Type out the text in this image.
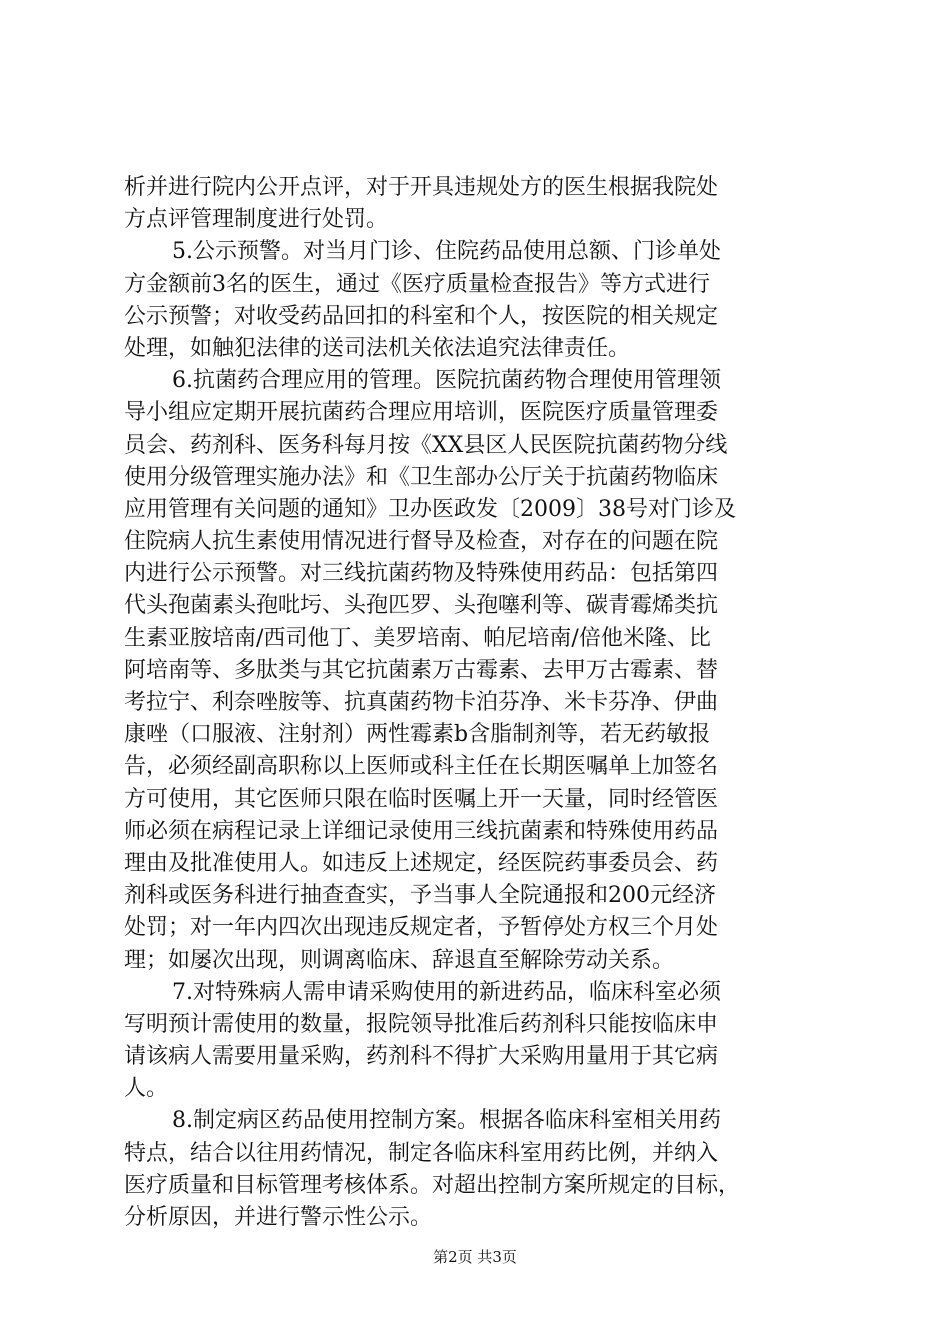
析并进行院内公开点评，对于开具违规处方的医生根据我院处
方点评管理制度进行处罚。
5.公示预警。对当月门诊、住院药品使用总额、门诊单处
方金额前3名的医生，通过《医疗质量检查报告》等方式进行
公示预警；对收受药品回扣的科室和个人，按医院的相关规定
处理，如触犯法律的送司法机关依法追究法律责任。
6.抗菌药合理应用的管理。医院抗菌药物合理使用管理领
导小组应定期开展抗菌药合理应用培训，医院医疗质量管理委
员会、药剂科、医务科每月按《XX县区人民医院抗菌药物分线
使用分级管理实施办法》和《卫生部办公厅关于抗菌药物临床
应用管理有关问题的通知》卫办医政发〔2009〕38号对门诊及
住院病人抗生素使用情况进行督导及检查，对存在的问题在院
内进行公示预警。对三线抗菌药物及特殊使用药品：包括第四
代头孢菌素头孢吡圬、头孢匹罗、头孢噻利等、碳青霉烯类抗
生素亚胺培南/西司他丁、美罗培南、帕尼培南/倍他米隆、比
阿培南等、多肽类与其它抗菌素万古霉素、去甲万古霉素、替
考拉宁、利奈唑胺等、抗真菌药物卡泊芬净、米卡芬净、伊曲
康唑（口服液、注射剂）两性霉素b含脂制剂等，若无药敏报
告，必须经副高职称以上医师或科主任在长期医嘱单上加签名
方可使用，其它医师只限在临时医嘱上开一天量，同时经管医
师必须在病程记录上详细记录使用三线抗菌素和特殊使用药品
理由及批准使用人。如违反上述规定，经医院药事委员会、药
剂科或医务科进行抽查查实，予当事人全院通报和200元经济
处罚；对一年内四次出现违反规定者，予暂停处方权三个月处
理；如屡次出现，则调离临床、辞退直至解除劳动关系。
7.对特殊病人需申请采购使用的新进药品，临床科室必须
写明预计需使用的数量，报院领导批准后药剂科只能按临床申
请该病人需要用量采购，药剂科不得扩大采购用量用于其它病
人。
8.制定病区药品使用控制方案。根据各临床科室相关用药
特点，结合以往用药情况，制定各临床科室用药比例，并纳入
医疗质量和目标管理考核体系。对超出控制方案所规定的目标，
分析原因，并进行警示性公示。
第2页 共3页
